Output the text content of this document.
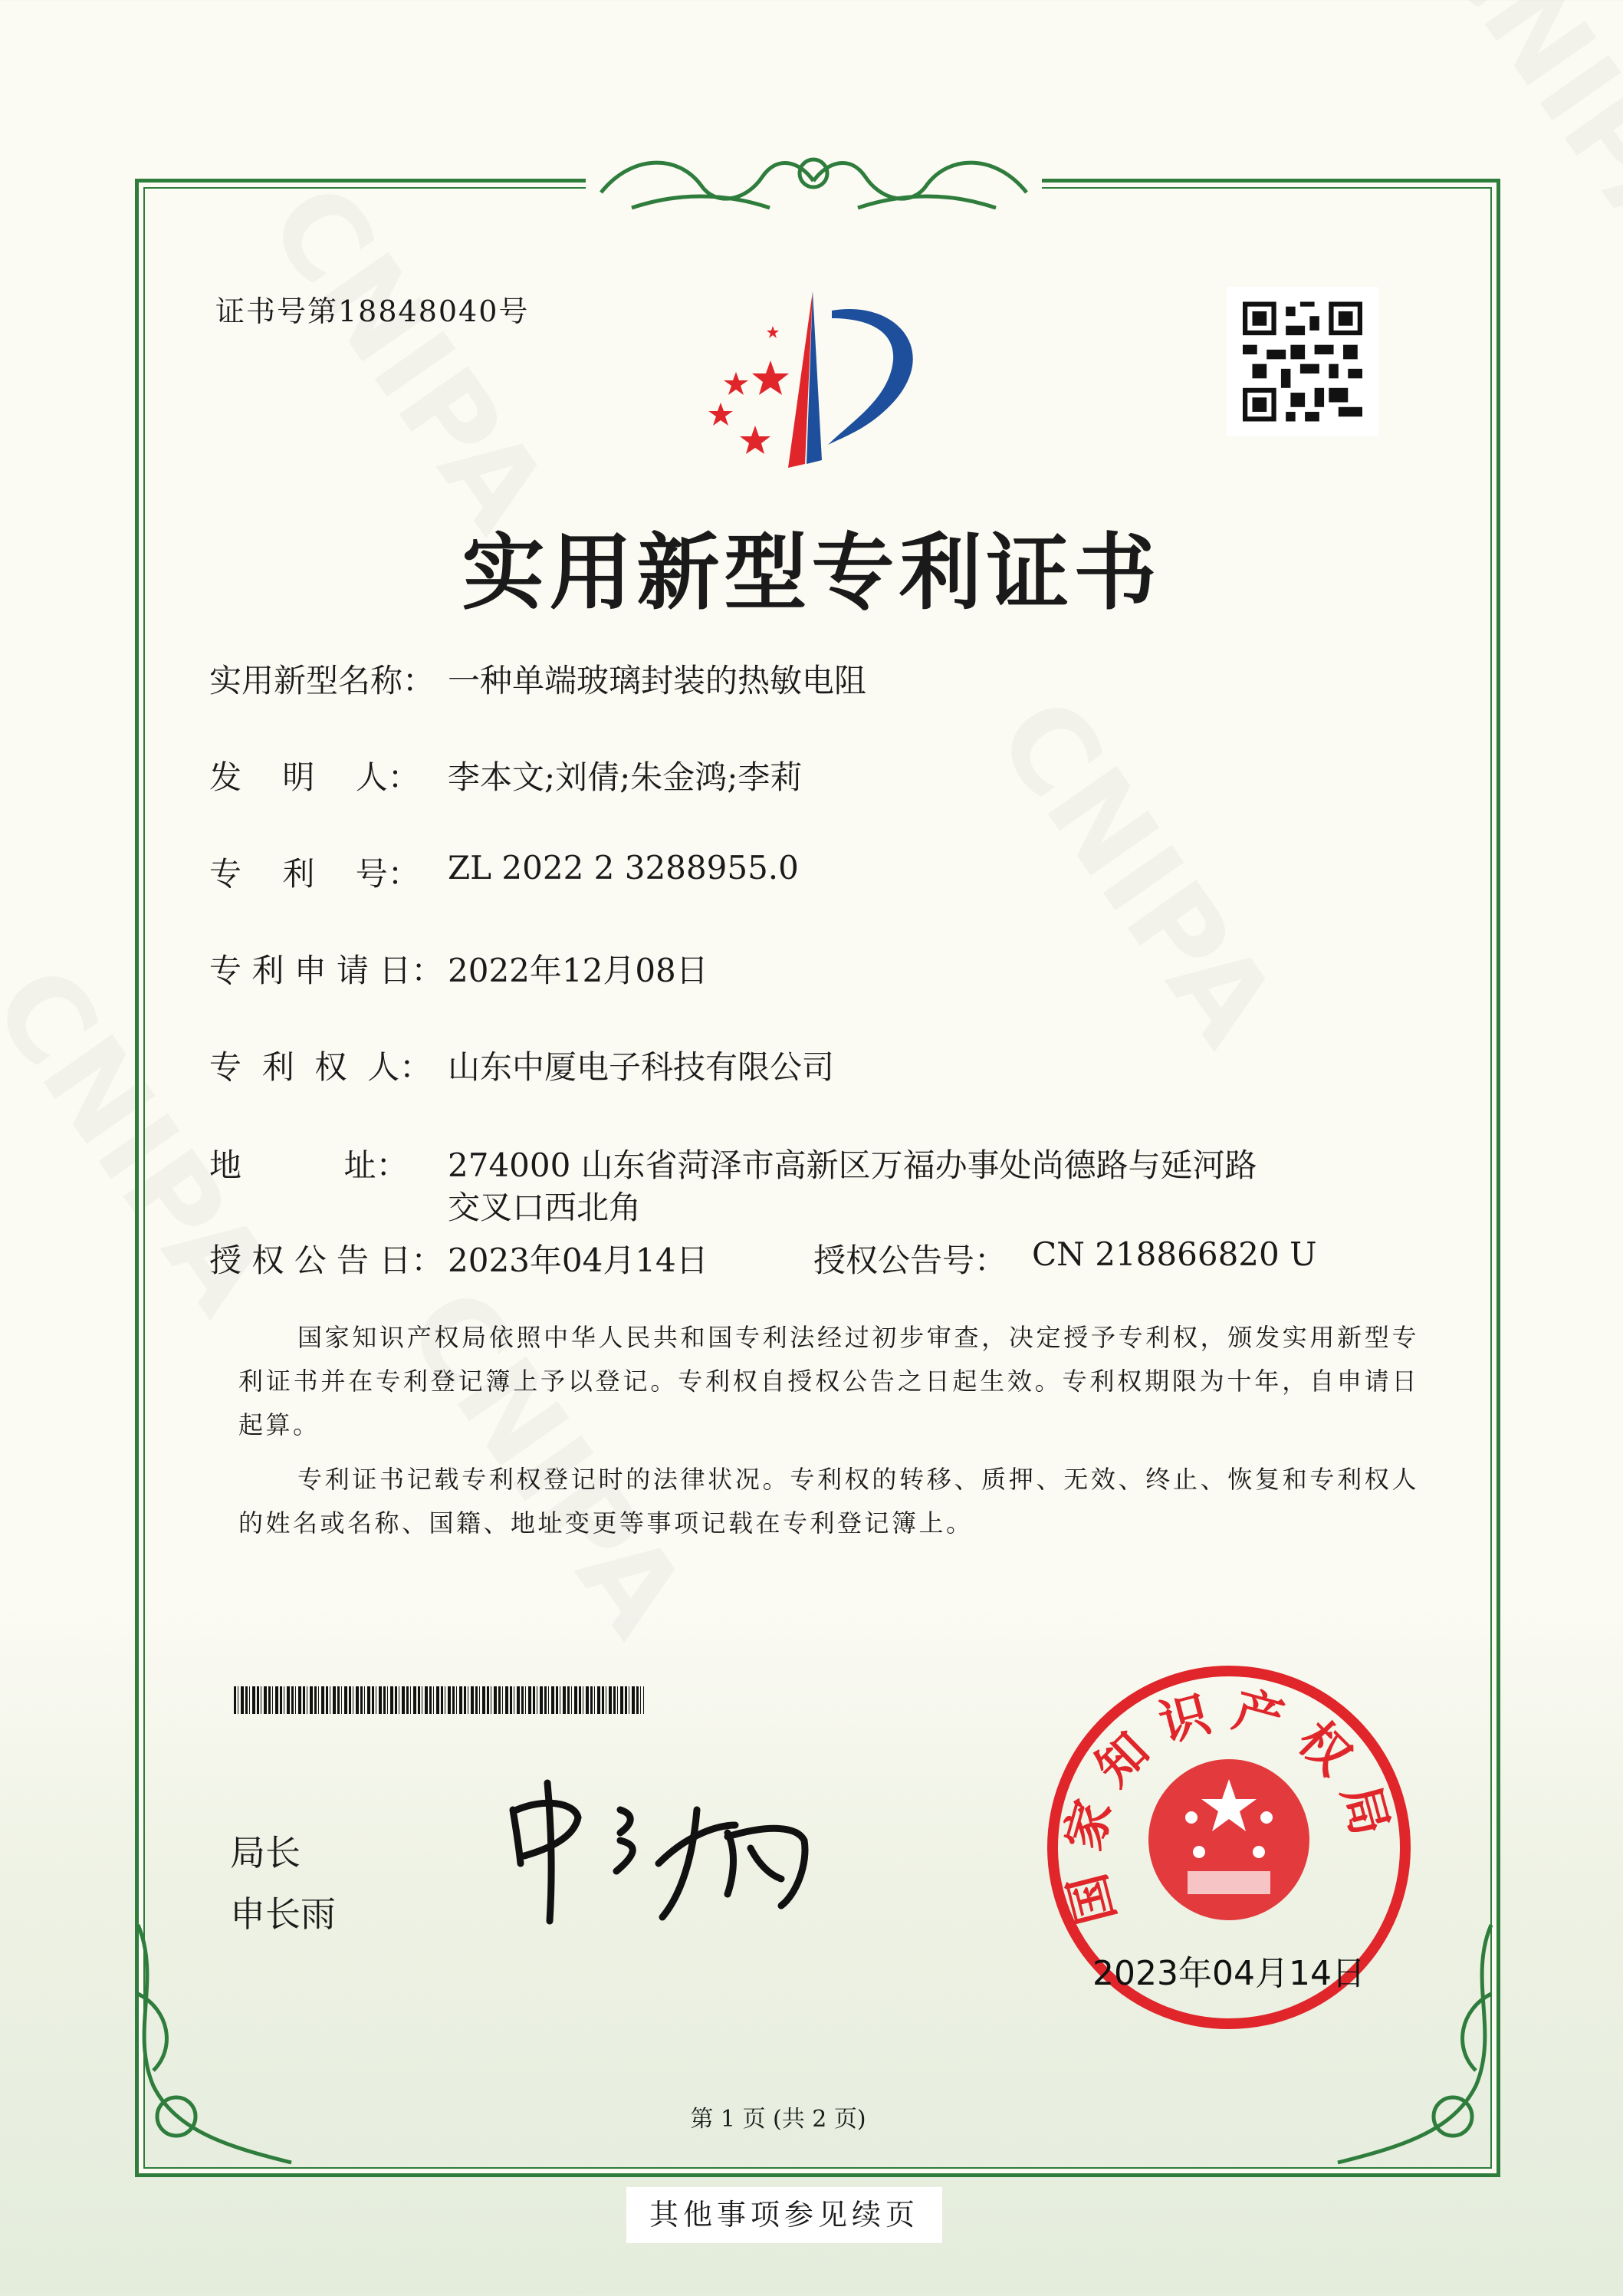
证书号第18848040号
实用新型专利证书
实用新型名称： 一种单端玻璃封装的热敏电阻
发    明    人： 李本文;刘倩;朱金鸿;李莉
专    利    号： ZL 2022 2 3288955.0
专 利 申 请 日： 2022年12月08日
专  利  权  人： 山东中厦电子科技有限公司
地          址： 274000 山东省菏泽市高新区万福办事处尚德路与延河路
交叉口西北角
授 权 公 告 日： 2023年04月14日	授权公告号： CN 218866820 U
国家知识产权局依照中华人民共和国专利法经过初步审查，决定授予专利权，颁发实用新型专利证书并在专利登记簿上予以登记。专利权自授权公告之日起生效。专利权期限为十年，自申请日起算。
专利证书记载专利权登记时的法律状况。专利权的转移、质押、无效、终止、恢复和专利权人的姓名或名称、国籍、地址变更等事项记载在专利登记簿上。
局长
申长雨	国家知识产权局
2023年04月14日
第 1 页 (共 2 页)
其他事项参见续页
